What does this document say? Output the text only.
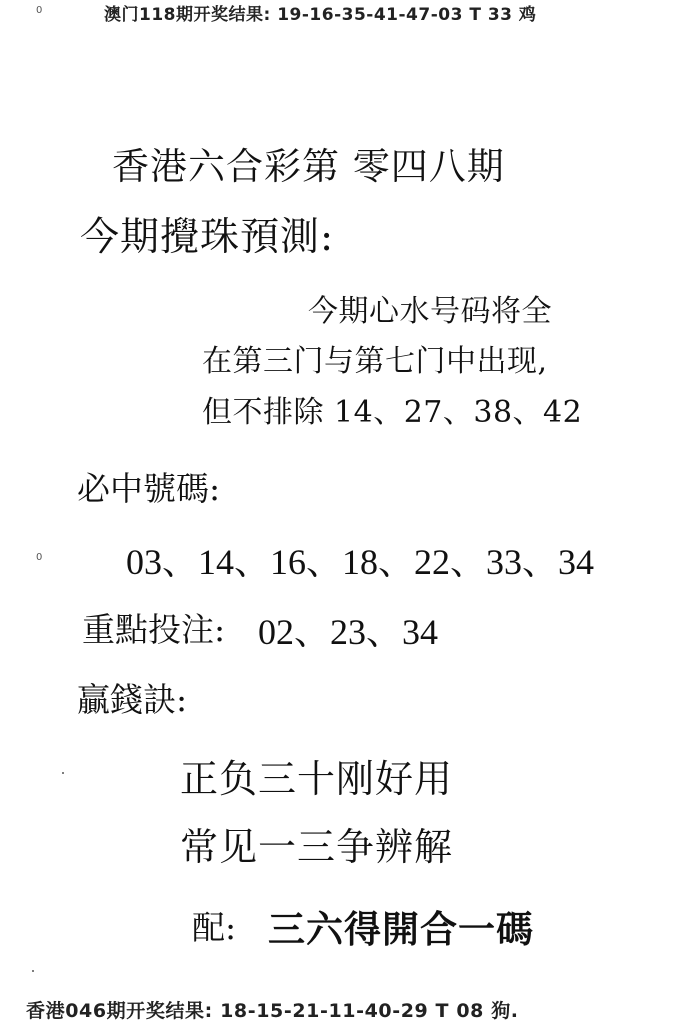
0	澳门118期开奖结果: 19-16-35-41-47-03 T 33 鸡
香港六合彩第 零四八期
今期攪珠預測:
今期心水号码将全
在第三门与第七门中出现,
但不排除 14、27、38、42
必中號碼:
0 03、14、16、18、22、33、34
重點投注: 02、23、34
贏錢訣:
正负三十刚好用
常见一三争辨解
配: 三六得開合一碼
香港046期开奖结果: 18-15-21-11-40-29 T 08 狗.
